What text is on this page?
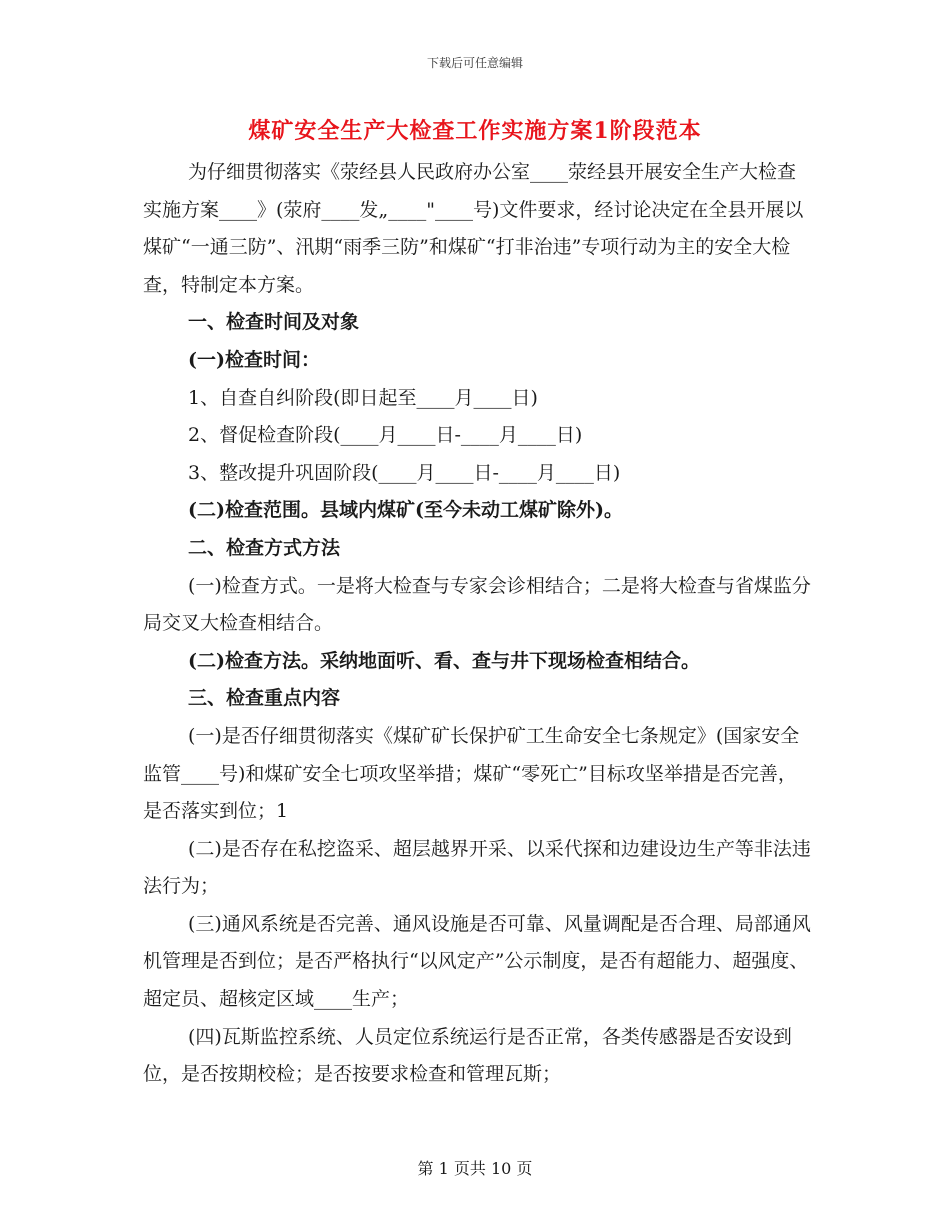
下载后可任意编辑
煤矿安全生产大检查工作实施方案1阶段范本

为仔细贯彻落实《荥经县人民政府办公室____荥经县开展安全生产大检查实施方案____》(荥府____发„____"____号)文件要求，经讨论决定在全县开展以煤矿“一通三防”、汛期“雨季三防”和煤矿“打非治违”专项行动为主的安全大检查，特制定本方案。

一、检查时间及对象

(一)检查时间：

1、自查自纠阶段(即日起至____月____日)

2、督促检查阶段(____月____日-____月____日)

3、整改提升巩固阶段(____月____日-____月____日)

(二)检查范围。县域内煤矿(至今未动工煤矿除外)。

二、检查方式方法

(一)检查方式。一是将大检查与专家会诊相结合；二是将大检查与省煤监分局交叉大检查相结合。

(二)检查方法。采纳地面听、看、查与井下现场检查相结合。

三、检查重点内容

(一)是否仔细贯彻落实《煤矿矿长保护矿工生命安全七条规定》(国家安全监管____号)和煤矿安全七项攻坚举措；煤矿“零死亡”目标攻坚举措是否完善，是否落实到位；1

(二)是否存在私挖盗采、超层越界开采、以采代探和边建设边生产等非法违法行为；

(三)通风系统是否完善、通风设施是否可靠、风量调配是否合理、局部通风机管理是否到位；是否严格执行“以风定产”公示制度，是否有超能力、超强度、超定员、超核定区域____生产；

(四)瓦斯监控系统、人员定位系统运行是否正常，各类传感器是否安设到位，是否按期校检；是否按要求检查和管理瓦斯；

第 1 页共 10 页
